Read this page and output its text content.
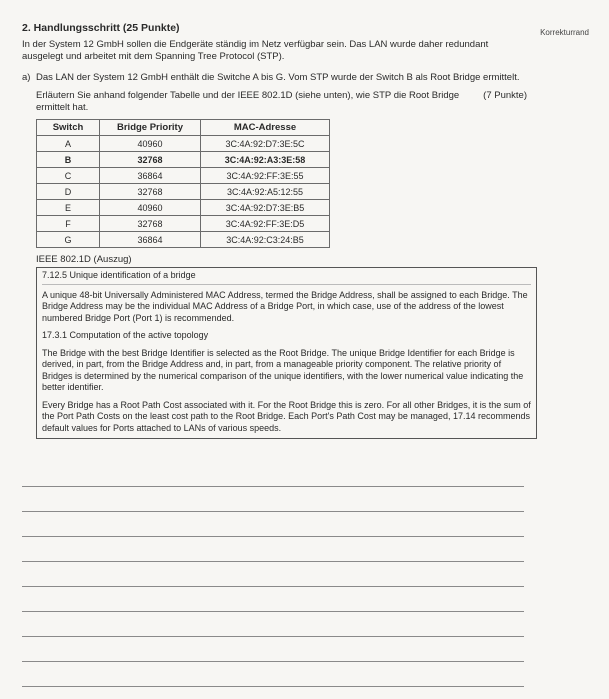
Korrekturrand
2. Handlungsschritt (25 Punkte)

In der System 12 GmbH sollen die Endgeräte ständig im Netz verfügbar sein. Das LAN wurde daher redundant ausgelegt und arbeitet mit dem Spanning Tree Protocol (STP).

a) Das LAN der System 12 GmbH enthält die Switche A bis G. Vom STP wurde der Switch B als Root Bridge ermittelt.

Erläutern Sie anhand folgender Tabelle und der IEEE 802.1D (siehe unten), wie STP die Root Bridge ermittelt hat.
(7 Punkte)
Switch	Bridge Priority	MAC-Adresse
A	40960	3C:4A:92:D7:3E:5C
B	32768	3C:4A:92:A3:3E:58
C	36864	3C:4A:92:FF:3E:55
D	32768	3C:4A:92:A5:12:55
E	40960	3C:4A:92:D7:3E:B5
F	32768	3C:4A:92:FF:3E:D5
G	36864	3C:4A:92:C3:24:B5
IEEE 802.1D (Auszug)

7.12.5 Unique identification of a bridge

A unique 48-bit Universally Administered MAC Address, termed the Bridge Address, shall be assigned to each Bridge. The Bridge Address may be the individual MAC Address of a Bridge Port, in which case, use of the address of the lowest numbered Bridge Port (Port 1) is recommended.

17.3.1 Computation of the active topology

The Bridge with the best Bridge Identifier is selected as the Root Bridge. The unique Bridge Identifier for each Bridge is derived, in part, from the Bridge Address and, in part, from a manageable priority component. The relative priority of Bridges is determined by the numerical comparison of the unique identifiers, with the lower numerical value indicating the better identifier.

Every Bridge has a Root Path Cost associated with it. For the Root Bridge this is zero. For all other Bridges, it is the sum of the Port Path Costs on the least cost path to the Root Bridge. Each Port's Path Cost may be managed, 17.14 recommends default values for Ports attached to LANs of various speeds.
